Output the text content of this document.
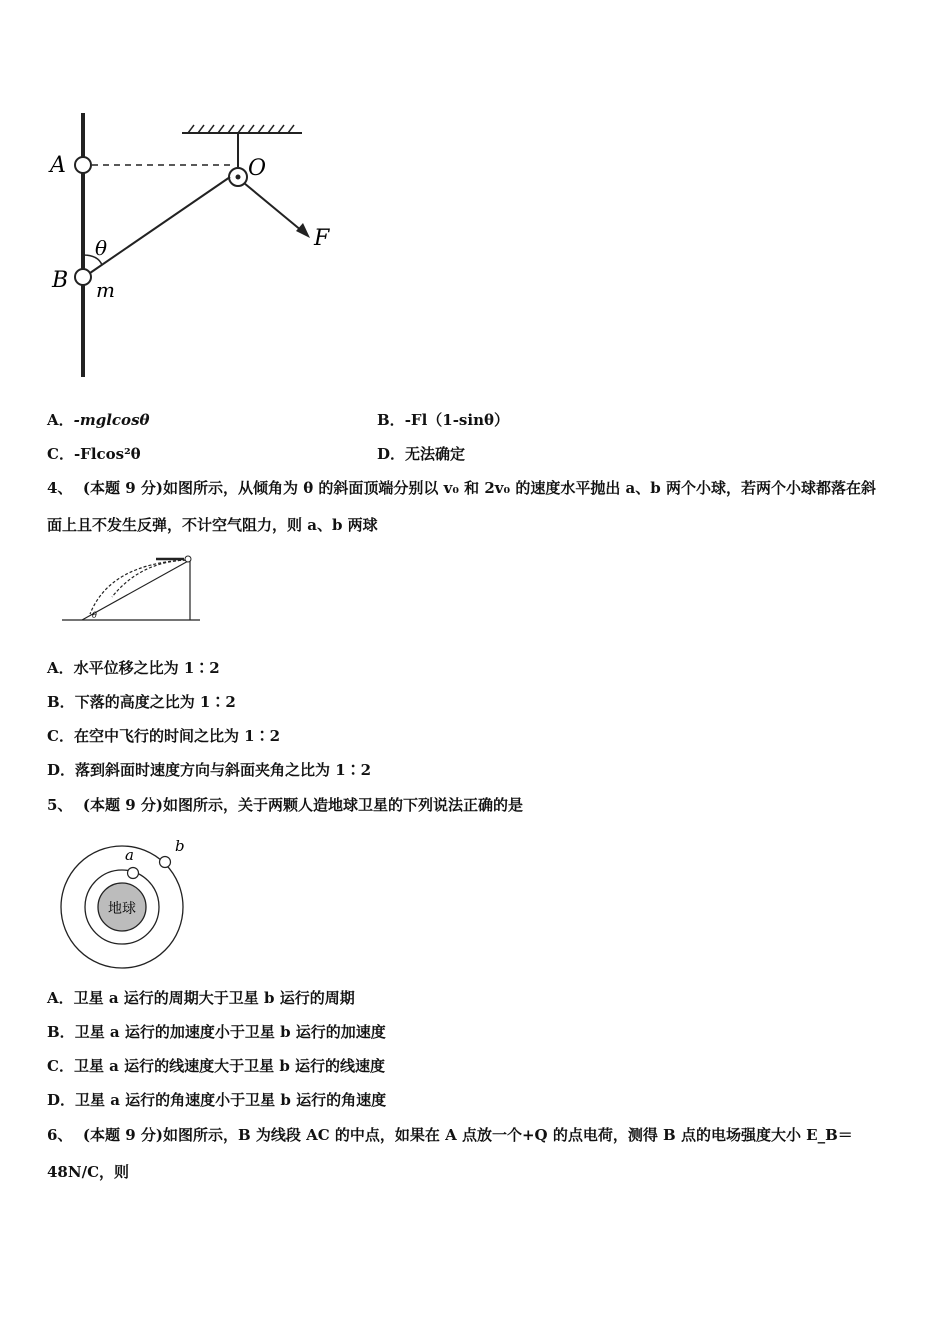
A	O
F
θ
B m
A．-mglcosθ	B．-Fl（1-sinθ）
C．-Flcos²θ	D．无法确定
4、 (本题 9 分)如图所示，从倾角为 θ 的斜面顶端分别以 v₀ 和 2v₀ 的速度水平抛出 a、b 两个小球，若两个小球都落在斜
面上且不发生反弹，不计空气阻力，则 a、b 两球
θ
A．水平位移之比为 1∶2
B．下落的高度之比为 1∶2
C．在空中飞行的时间之比为 1∶2
D．落到斜面时速度方向与斜面夹角之比为 1∶2
5、 (本题 9 分)如图所示，关于两颗人造地球卫星的下列说法正确的是
地球
a	b
A．卫星 a 运行的周期大于卫星 b 运行的周期
B．卫星 a 运行的加速度小于卫星 b 运行的加速度
C．卫星 a 运行的线速度大于卫星 b 运行的线速度
D．卫星 a 运行的角速度小于卫星 b 运行的角速度
6、 (本题 9 分)如图所示，B 为线段 AC 的中点，如果在 A 点放一个+Q 的点电荷，测得 B 点的电场强度大小 E_B＝
48N/C，则
